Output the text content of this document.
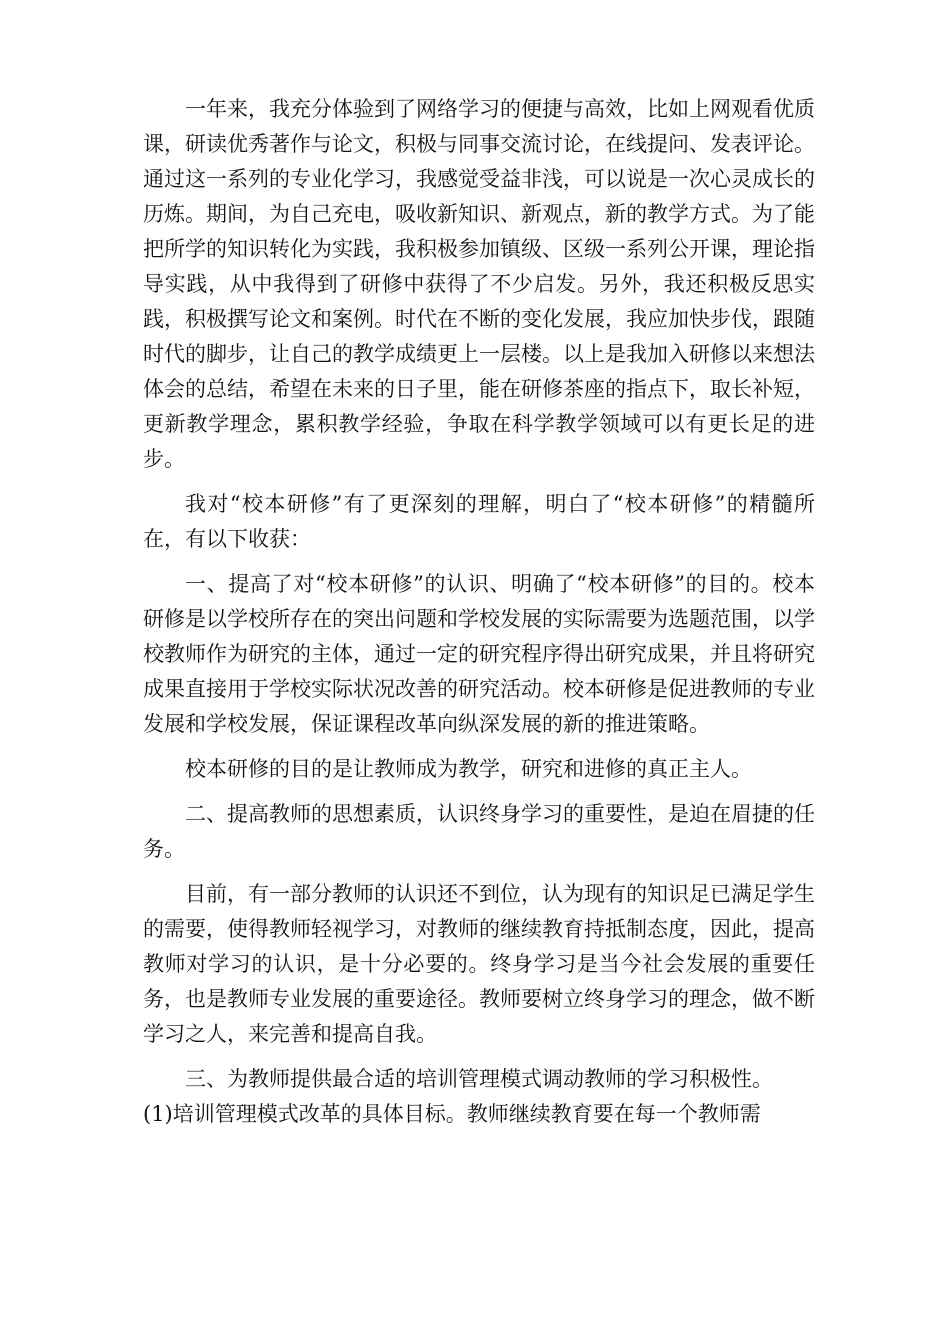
一年来，我充分体验到了网络学习的便捷与高效，比如上网观看优质课，研读优秀著作与论文，积极与同事交流讨论，在线提问、发表评论。通过这一系列的专业化学习，我感觉受益非浅，可以说是一次心灵成长的历炼。期间，为自己充电，吸收新知识、新观点，新的教学方式。为了能把所学的知识转化为实践，我积极参加镇级、区级一系列公开课，理论指导实践，从中我得到了研修中获得了不少启发。另外，我还积极反思实践，积极撰写论文和案例。时代在不断的变化发展，我应加快步伐，跟随时代的脚步，让自己的教学成绩更上一层楼。以上是我加入研修以来想法体会的总结，希望在未来的日子里，能在研修茶座的指点下，取长补短，更新教学理念，累积教学经验，争取在科学教学领域可以有更长足的进步。

我对“校本研修”有了更深刻的理解，明白了“校本研修”的精髓所在，有以下收获：

一、提高了对“校本研修”的认识、明确了“校本研修”的目的。校本研修是以学校所存在的突出问题和学校发展的实际需要为选题范围，以学校教师作为研究的主体，通过一定的研究程序得出研究成果，并且将研究成果直接用于学校实际状况改善的研究活动。校本研修是促进教师的专业发展和学校发展，保证课程改革向纵深发展的新的推进策略。

校本研修的目的是让教师成为教学，研究和进修的真正主人。

二、提高教师的思想素质，认识终身学习的重要性，是迫在眉捷的任务。

目前，有一部分教师的认识还不到位，认为现有的知识足已满足学生的需要，使得教师轻视学习，对教师的继续教育持抵制态度，因此，提高教师对学习的认识，是十分必要的。终身学习是当今社会发展的重要任务，也是教师专业发展的重要途径。教师要树立终身学习的理念，做不断学习之人，来完善和提高自我。

三、为教师提供最合适的培训管理模式调动教师的学习积极性。

(1)培训管理模式改革的具体目标。教师继续教育要在每一个教师需
